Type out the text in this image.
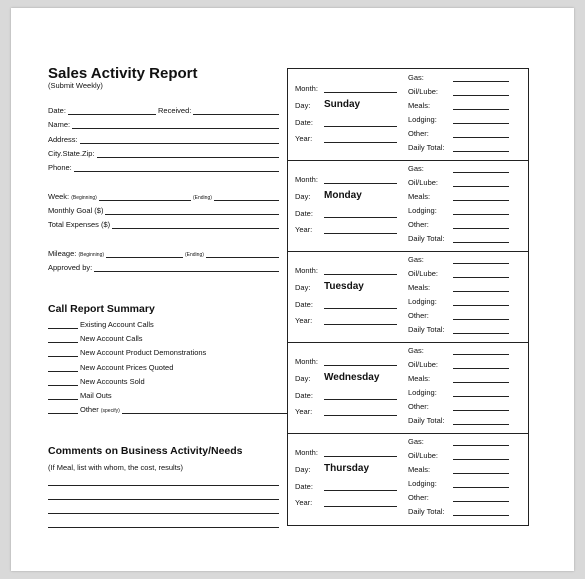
Sales Activity Report
(Submit Weekly)
Date:	Received:
Name:
Address:
City.State.Zip:
Phone:
Week: (Beginning)	(Ending)
Monthly Goal ($)
Total Expenses ($)
Mileage: (Beginning)	(Ending)
Approved by:
Call Report Summary
Existing Account Calls
New Account Calls
New Account Product Demonstrations
New Account Prices Quoted
New Accounts Sold
Mail Outs
Other
(specify)
Comments on Business Activity/Needs
(If Meal, list with whom, the cost, results)
Month:
Day: Sunday
Date:
Year:
Gas:
Oil/Lube:
Meals:
Lodging:
Other:
Daily Total:
Month:
Day: Monday
Date:
Year:
Gas:
Oil/Lube:
Meals:
Lodging:
Other:
Daily Total:
Month:
Day: Tuesday
Date:
Year:
Gas:
Oil/Lube:
Meals:
Lodging:
Other:
Daily Total:
Month:
Day: Wednesday
Date:
Year:
Gas:
Oil/Lube:
Meals:
Lodging:
Other:
Daily Total:
Month:
Day: Thursday
Date:
Year:
Gas:
Oil/Lube:
Meals:
Lodging:
Other:
Daily Total:
